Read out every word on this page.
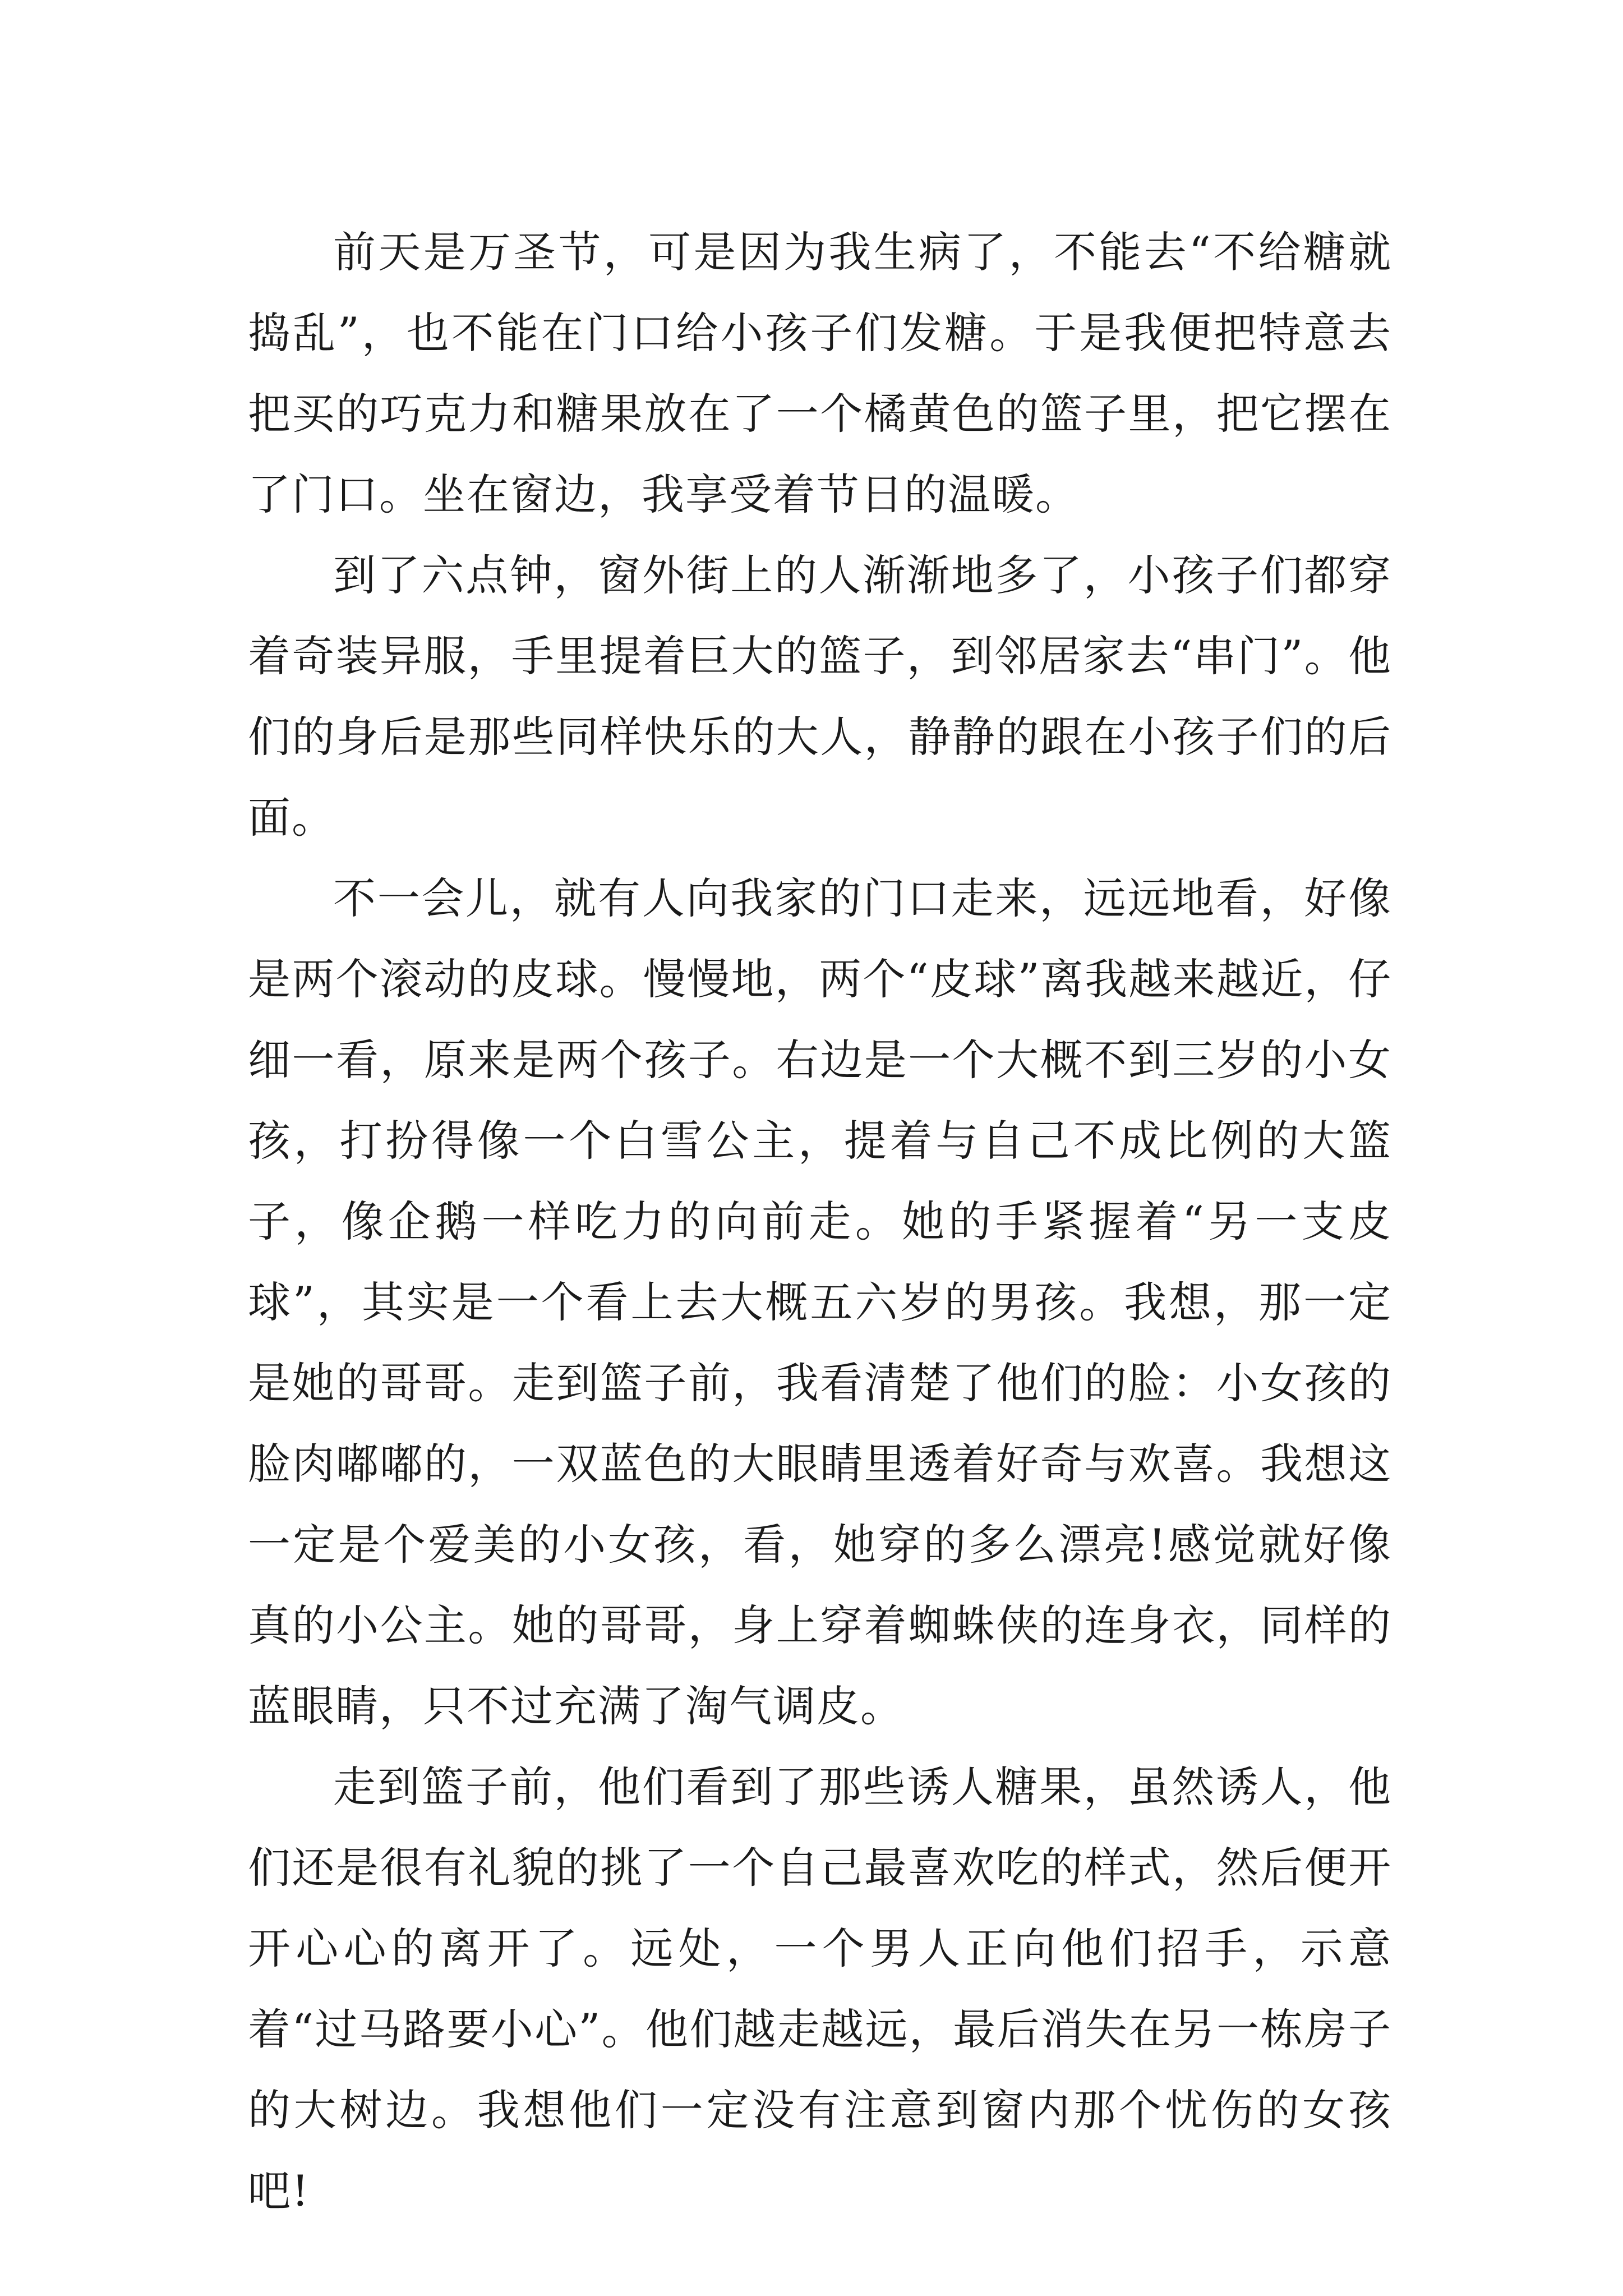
前天是万圣节，可是因为我生病了，不能去“不给糖就捣乱”，也不能在门口给小孩子们发糖。于是我便把特意去把买的巧克力和糖果放在了一个橘黄色的篮子里，把它摆在了门口。坐在窗边，我享受着节日的温暖。

到了六点钟，窗外街上的人渐渐地多了，小孩子们都穿着奇装异服，手里提着巨大的篮子，到邻居家去“串门”。他们的身后是那些同样快乐的大人，静静的跟在小孩子们的后面。

不一会儿，就有人向我家的门口走来，远远地看，好像是两个滚动的皮球。慢慢地，两个“皮球”离我越来越近，仔细一看，原来是两个孩子。右边是一个大概不到三岁的小女孩，打扮得像一个白雪公主，提着与自己不成比例的大篮子，像企鹅一样吃力的向前走。她的手紧握着“另一支皮球”，其实是一个看上去大概五六岁的男孩。我想，那一定是她的哥哥。走到篮子前，我看清楚了他们的脸：小女孩的脸肉嘟嘟的，一双蓝色的大眼睛里透着好奇与欢喜。我想这一定是个爱美的小女孩，看，她穿的多么漂亮!感觉就好像真的小公主。她的哥哥，身上穿着蜘蛛侠的连身衣，同样的蓝眼睛，只不过充满了淘气调皮。

走到篮子前，他们看到了那些诱人糖果，虽然诱人，他们还是很有礼貌的挑了一个自己最喜欢吃的样式，然后便开开心心的离开了。远处，一个男人正向他们招手，示意着“过马路要小心”。他们越走越远，最后消失在另一栋房子的大树边。我想他们一定没有注意到窗内那个忧伤的女孩吧!
